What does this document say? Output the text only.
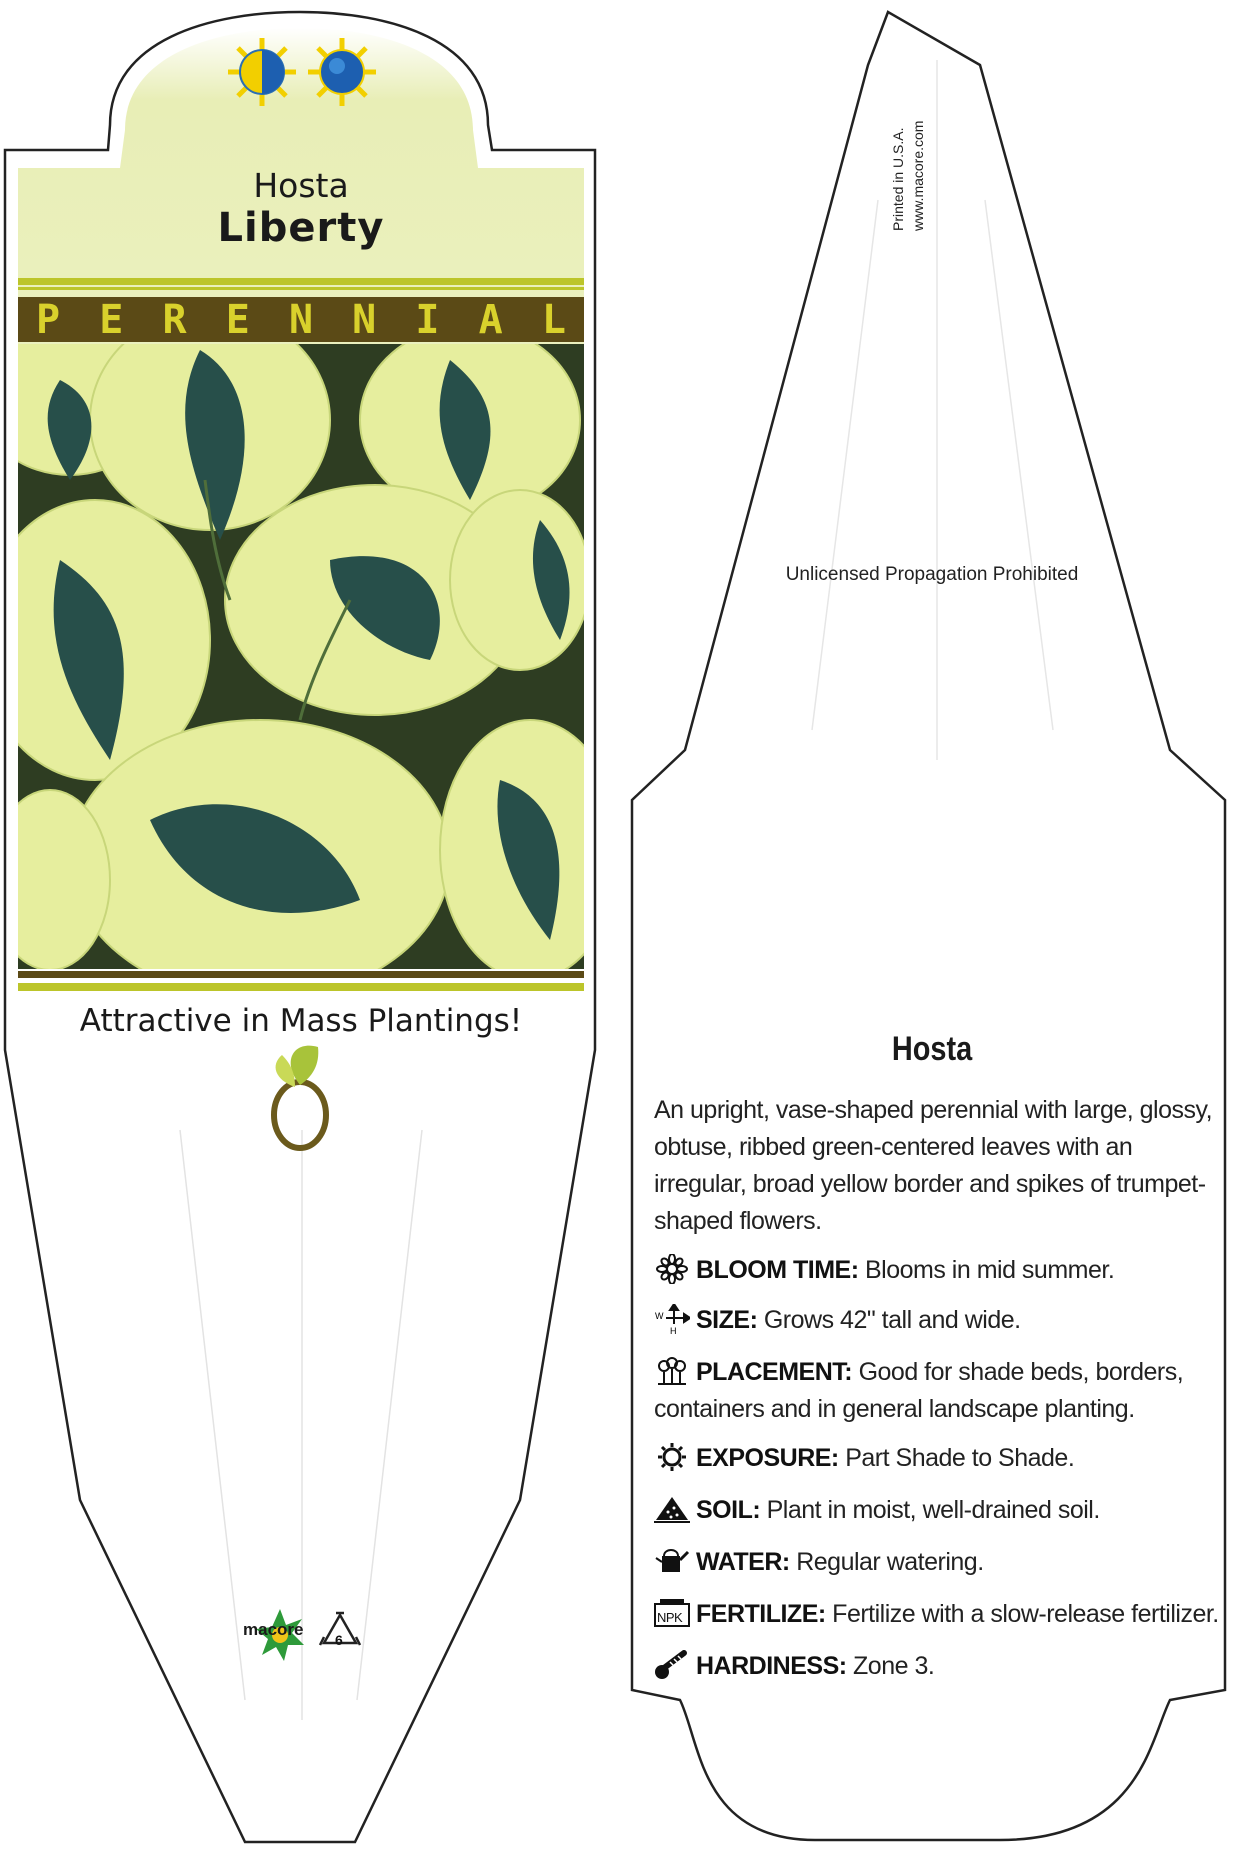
Hosta
Liberty
P E R E N N I A L
Attractive in Mass Plantings!
macore
6
Printed in U.S.A. www.macore.com
Unlicensed Propagation Prohibited
Hosta
An upright, vase-shaped perennial with large, glossy, obtuse, ribbed green-centered leaves with an irregular, broad yellow border and spikes of trumpet-shaped flowers.
BLOOM TIME: Blooms in mid summer.
W
H SIZE: Grows 42" tall and wide.
PLACEMENT: Good for shade beds, borders, containers and in general landscape planting.
EXPOSURE: Part Shade to Shade.
SOIL: Plant in moist, well-drained soil.
WATER: Regular watering.
NPK FERTILIZE: Fertilize with a slow-release fertilizer.
HARDINESS: Zone 3.
